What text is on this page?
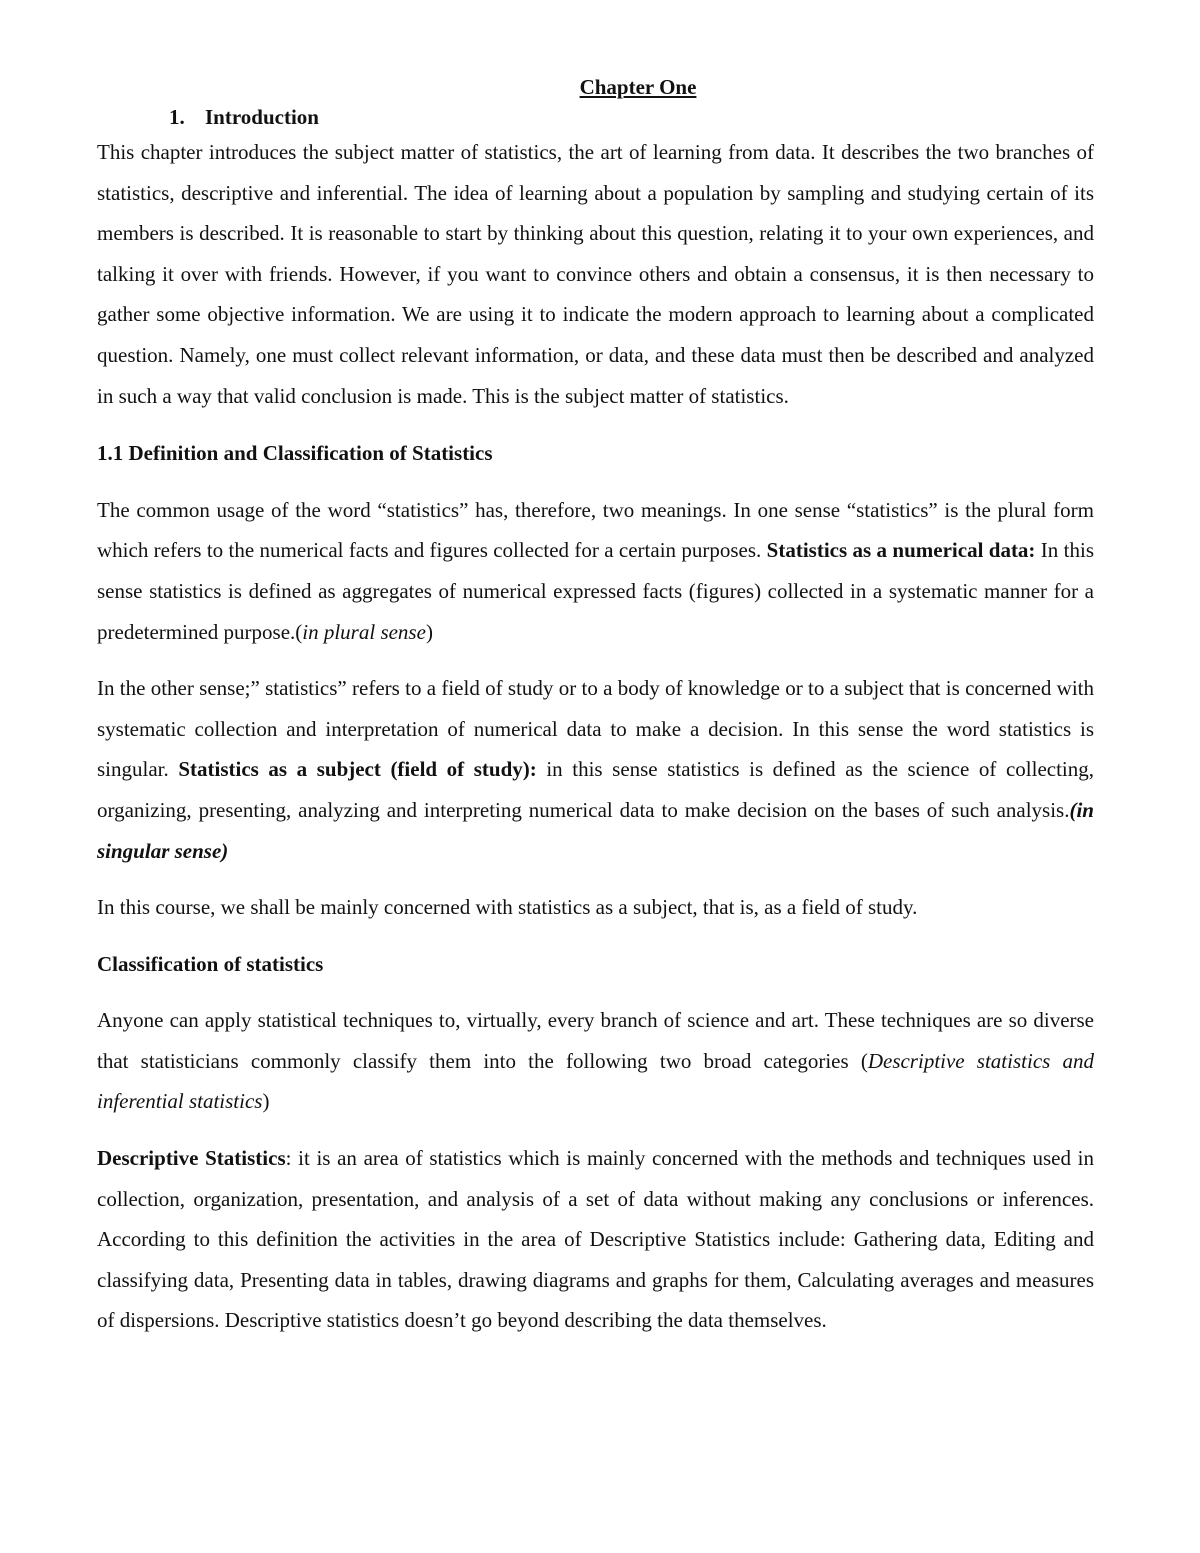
Chapter One
1. Introduction

This chapter introduces the subject matter of statistics, the art of learning from data. It describes the two branches of statistics, descriptive and inferential. The idea of learning about a population by sampling and studying certain of its members is described. It is reasonable to start by thinking about this question, relating it to your own experiences, and talking it over with friends. However, if you want to convince others and obtain a consensus, it is then necessary to gather some objective information. We are using it to indicate the modern approach to learning about a complicated question. Namely, one must collect relevant information, or data, and these data must then be described and analyzed in such a way that valid conclusion is made. This is the subject matter of statistics.

1.1 Definition and Classification of Statistics

The common usage of the word “statistics” has, therefore, two meanings. In one sense “statistics” is the plural form which refers to the numerical facts and figures collected for a certain purposes. Statistics as a numerical data: In this sense statistics is defined as aggregates of numerical expressed facts (figures) collected in a systematic manner for a predetermined purpose.(in plural sense)

In the other sense;” statistics” refers to a field of study or to a body of knowledge or to a subject that is concerned with systematic collection and interpretation of numerical data to make a decision. In this sense the word statistics is singular. Statistics as a subject (field of study): in this sense statistics is defined as the science of collecting, organizing, presenting, analyzing and interpreting numerical data to make decision on the bases of such analysis.(in singular sense)

In this course, we shall be mainly concerned with statistics as a subject, that is, as a field of study.

Classification of statistics

Anyone can apply statistical techniques to, virtually, every branch of science and art. These techniques are so diverse that statisticians commonly classify them into the following two broad categories (Descriptive statistics and inferential statistics)

Descriptive Statistics: it is an area of statistics which is mainly concerned with the methods and techniques used in collection, organization, presentation, and analysis of a set of data without making any conclusions or inferences. According to this definition the activities in the area of Descriptive Statistics include: Gathering data, Editing and classifying data, Presenting data in tables, drawing diagrams and graphs for them, Calculating averages and measures of dispersions. Descriptive statistics doesn’t go beyond describing the data themselves.
